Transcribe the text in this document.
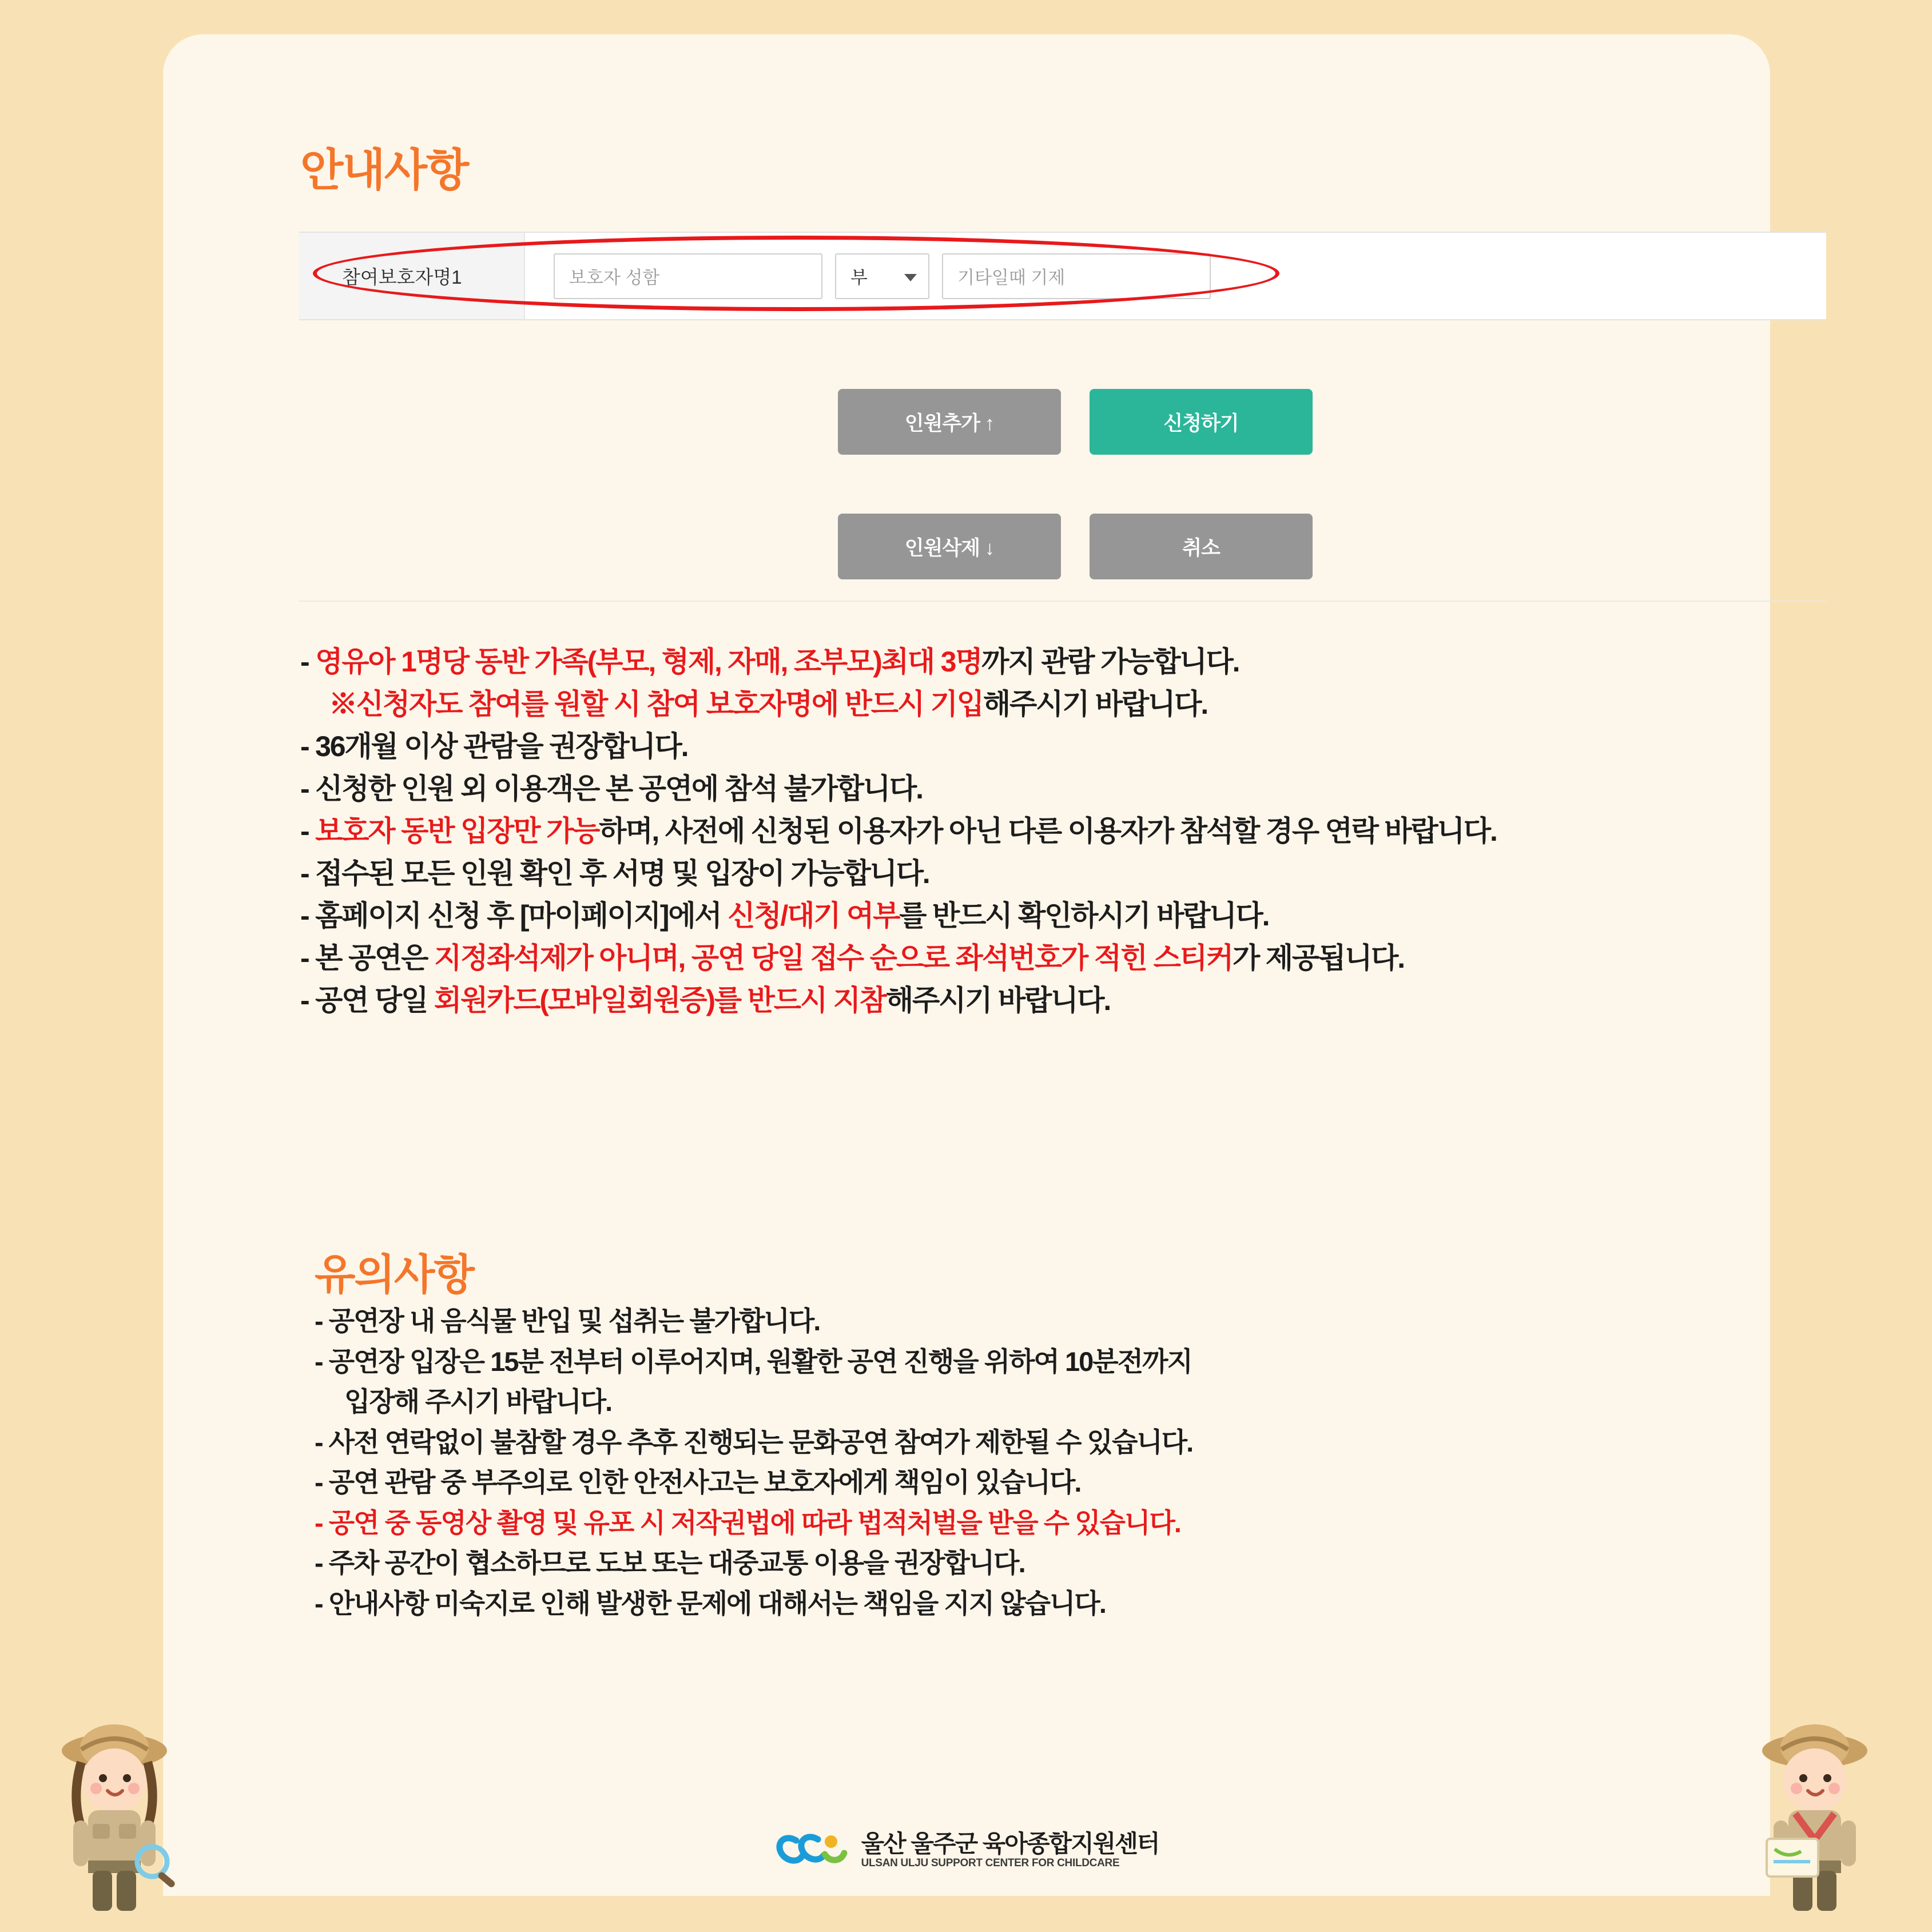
안내사항
참여보호자명1	보호자 성함	부	기타일때 기제
인원추가 ↑	신청하기
인원삭제 ↓	취소
- 영유아 1명당 동반 가족(부모, 형제, 자매, 조부모)최대 3명까지 관람 가능합니다.
※신청자도 참여를 원할 시 참여 보호자명에 반드시 기입해주시기 바랍니다.
- 36개월 이상 관람을 권장합니다.
- 신청한 인원 외 이용객은 본 공연에 참석 불가합니다.
- 보호자 동반 입장만 가능하며, 사전에 신청된 이용자가 아닌 다른 이용자가 참석할 경우 연락 바랍니다.
- 접수된 모든 인원 확인 후 서명 및 입장이 가능합니다.
- 홈페이지 신청 후 [마이페이지]에서 신청/대기 여부를 반드시 확인하시기 바랍니다.
- 본 공연은 지정좌석제가 아니며, 공연 당일 접수 순으로 좌석번호가 적힌 스티커가 제공됩니다.
- 공연 당일 회원카드(모바일회원증)를 반드시 지참해주시기 바랍니다.
유의사항
- 공연장 내 음식물 반입 및 섭취는 불가합니다.
- 공연장 입장은 15분 전부터 이루어지며, 원활한 공연 진행을 위하여 10분전까지
입장해 주시기 바랍니다.
- 사전 연락없이 불참할 경우 추후 진행되는 문화공연 참여가 제한될 수 있습니다.
- 공연 관람 중 부주의로 인한 안전사고는 보호자에게 책임이 있습니다.
- 공연 중 동영상 촬영 및 유포 시 저작권법에 따라 법적처벌을 받을 수 있습니다.
- 주차 공간이 협소하므로 도보 또는 대중교통 이용을 권장합니다.
- 안내사항 미숙지로 인해 발생한 문제에 대해서는 책임을 지지 않습니다.
울산 울주군 육아종합지원센터
ULSAN ULJU SUPPORT CENTER FOR CHILDCARE
